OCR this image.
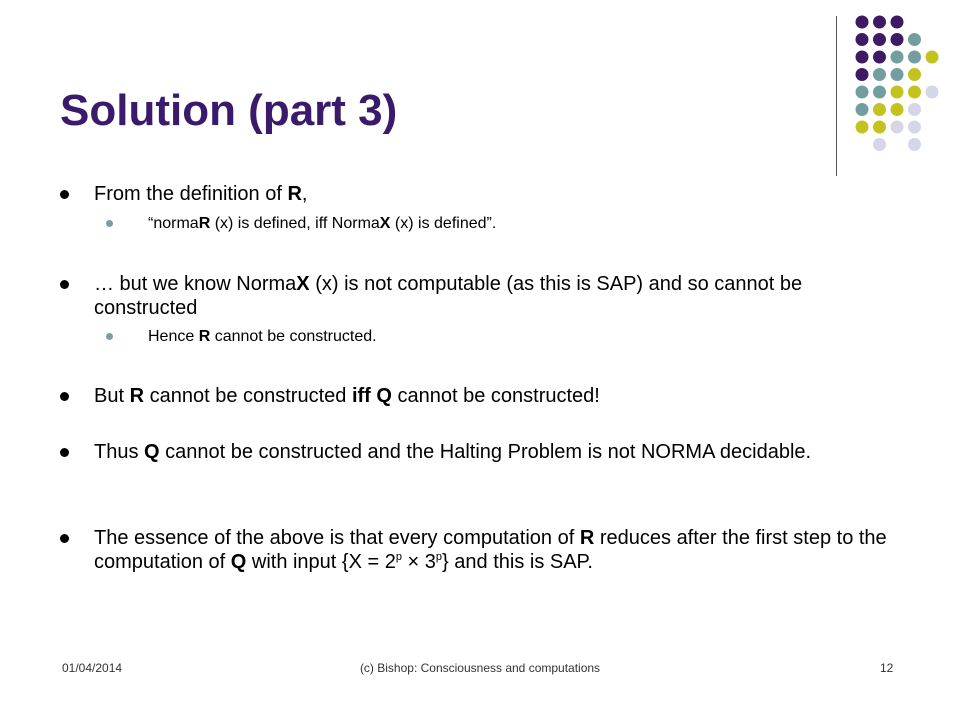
Solution (part 3)
From the definition of R,
“normaR (x) is defined, iff NormaX (x) is defined”.
… but we know NormaX (x) is not computable (as this is SAP) and so cannot be constructed
Hence R cannot be constructed.
But R cannot be constructed iff Q cannot be constructed!
Thus Q cannot be constructed and the Halting Problem is not NORMA decidable.
The essence of the above is that every computation of R reduces after the first step to the computation of Q with input $\{X = 2^p \times 3^p\}$ and this is SAP.
01/04/2014	(c) Bishop: Consciousness and computations	12
